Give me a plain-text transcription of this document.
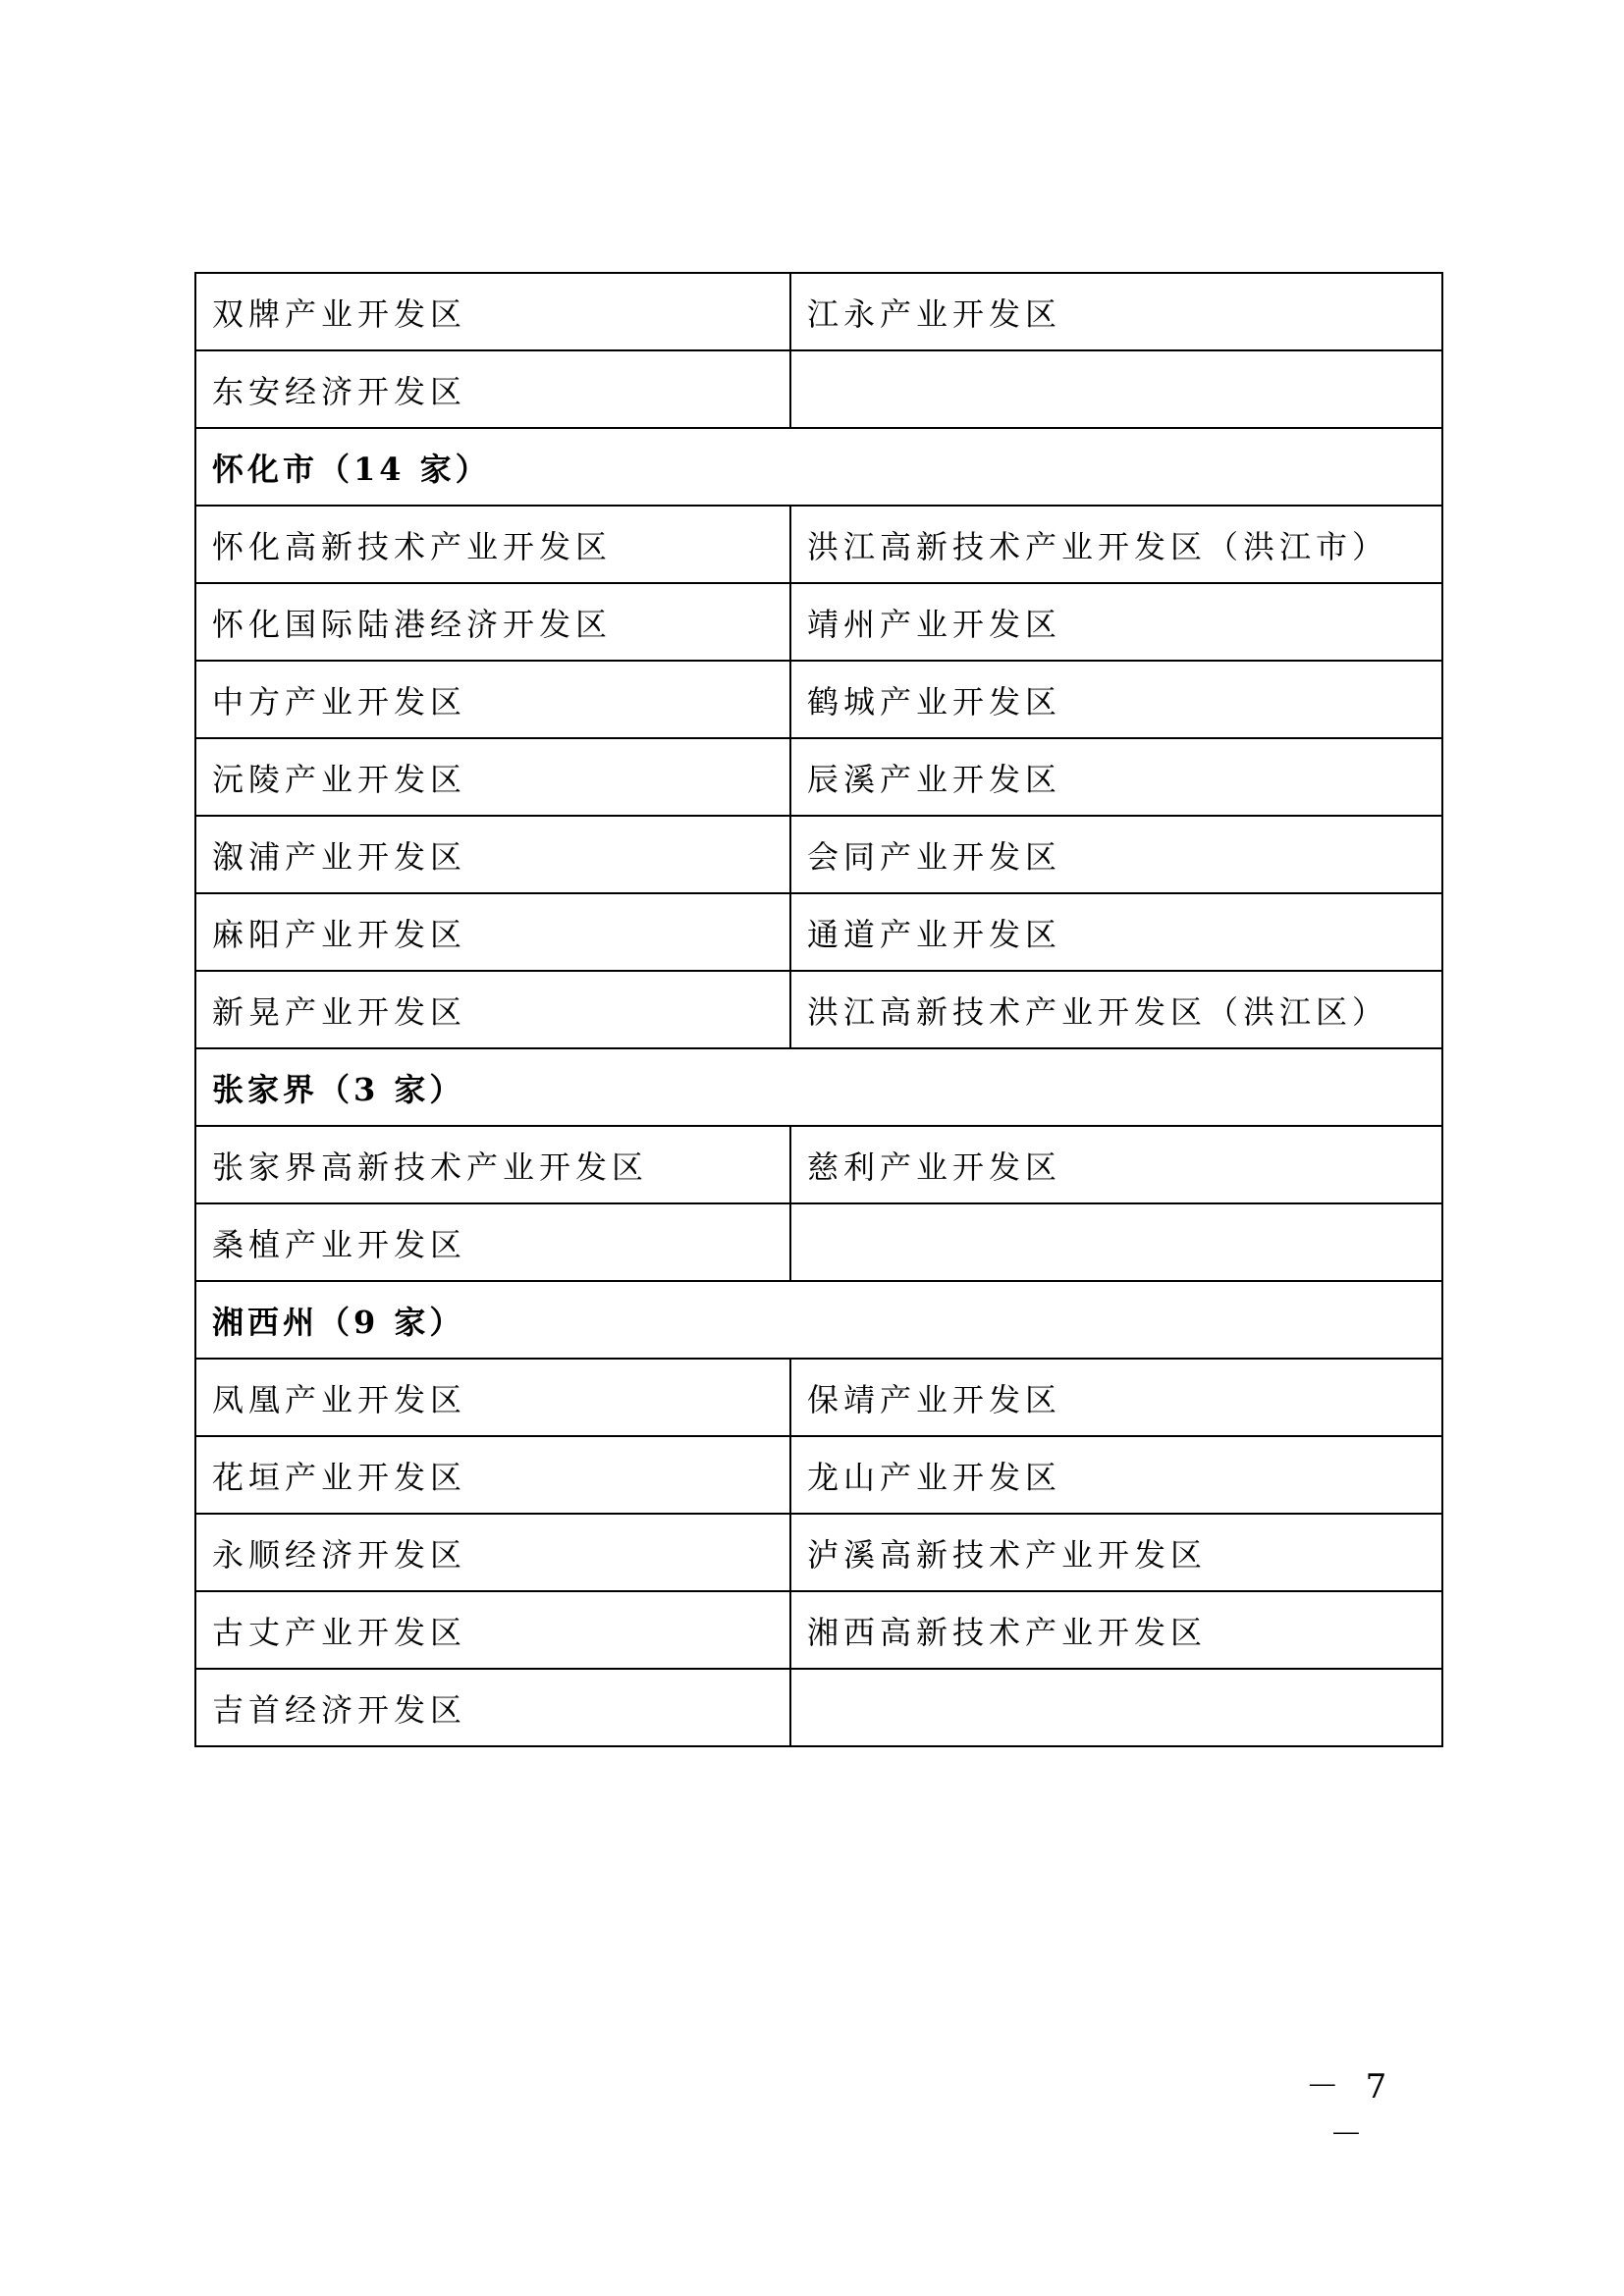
双牌产业开发区	江永产业开发区
东安经济开发区	
怀化市（14 家）	
怀化高新技术产业开发区	洪江高新技术产业开发区（洪江市）
怀化国际陆港经济开发区	靖州产业开发区
中方产业开发区	鹤城产业开发区
沅陵产业开发区	辰溪产业开发区
溆浦产业开发区	会同产业开发区
麻阳产业开发区	通道产业开发区
新晃产业开发区	洪江高新技术产业开发区（洪江区）
张家界（3 家）	
张家界高新技术产业开发区	慈利产业开发区
桑植产业开发区	
湘西州（9 家）	
凤凰产业开发区	保靖产业开发区
花垣产业开发区	龙山产业开发区
永顺经济开发区	泸溪高新技术产业开发区
古丈产业开发区	湘西高新技术产业开发区
吉首经济开发区	
－ 7 －
